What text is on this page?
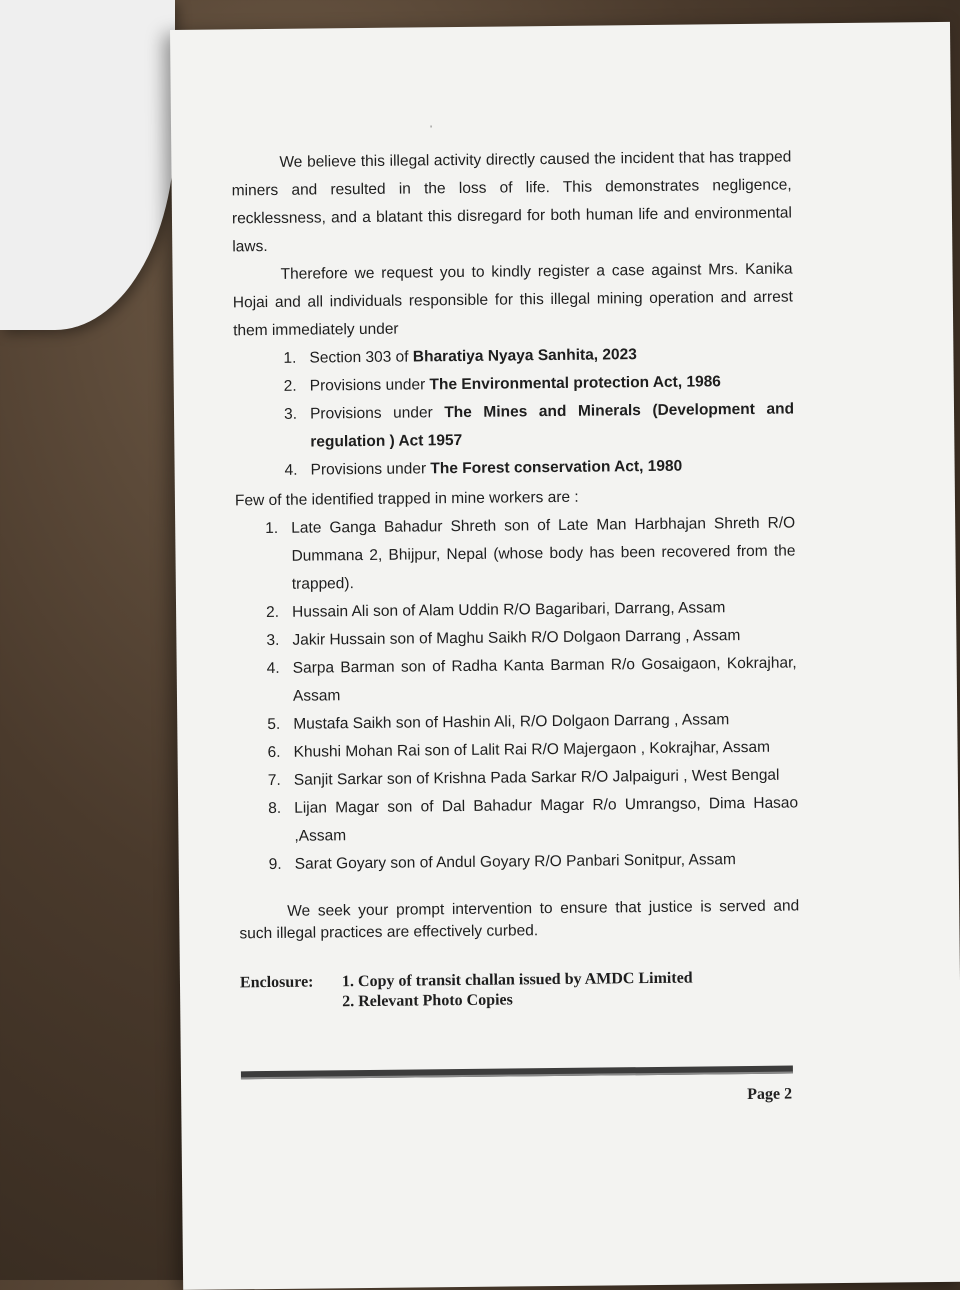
ˈ

We believe this illegal activity directly caused the incident that has trapped miners and resulted in the loss of life. This demonstrates negligence, recklessness, and a blatant this disregard for both human life and environmental laws.

Therefore we request you to kindly register a case against Mrs. Kanika Hojai and all individuals responsible for this illegal mining operation and arrest them immediately under

1. Section 303 of Bharatiya Nyaya Sanhita, 2023
2. Provisions under The Environmental protection Act, 1986
3. Provisions under The Mines and Minerals (Development and regulation ) Act 1957
4. Provisions under The Forest conservation Act, 1980

Few of the identified trapped in mine workers are :

1. Late Ganga Bahadur Shreth son of Late Man Harbhajan Shreth R/O Dummana 2, Bhijpur, Nepal (whose body has been recovered from the trapped).
2. Hussain Ali son of Alam Uddin R/O Bagaribari, Darrang, Assam
3. Jakir Hussain son of Maghu Saikh R/O Dolgaon Darrang , Assam
4. Sarpa Barman son of Radha Kanta Barman R/o Gosaigaon, Kokrajhar, Assam
5. Mustafa Saikh son of Hashin Ali, R/O Dolgaon Darrang , Assam
6. Khushi Mohan Rai son of Lalit Rai R/O Majergaon , Kokrajhar, Assam
7. Sanjit Sarkar son of Krishna Pada Sarkar R/O Jalpaiguri , West Bengal
8. Lijan Magar son of Dal Bahadur Magar R/o Umrangso, Dima Hasao ,Assam
9. Sarat Goyary son of Andul Goyary R/O Panbari Sonitpur, Assam

We seek your prompt intervention to ensure that justice is served and such illegal practices are effectively curbed.

Enclosure:	1. Copy of transit challan issued by AMDC Limited
2. Relevant Photo Copies
Page 2
